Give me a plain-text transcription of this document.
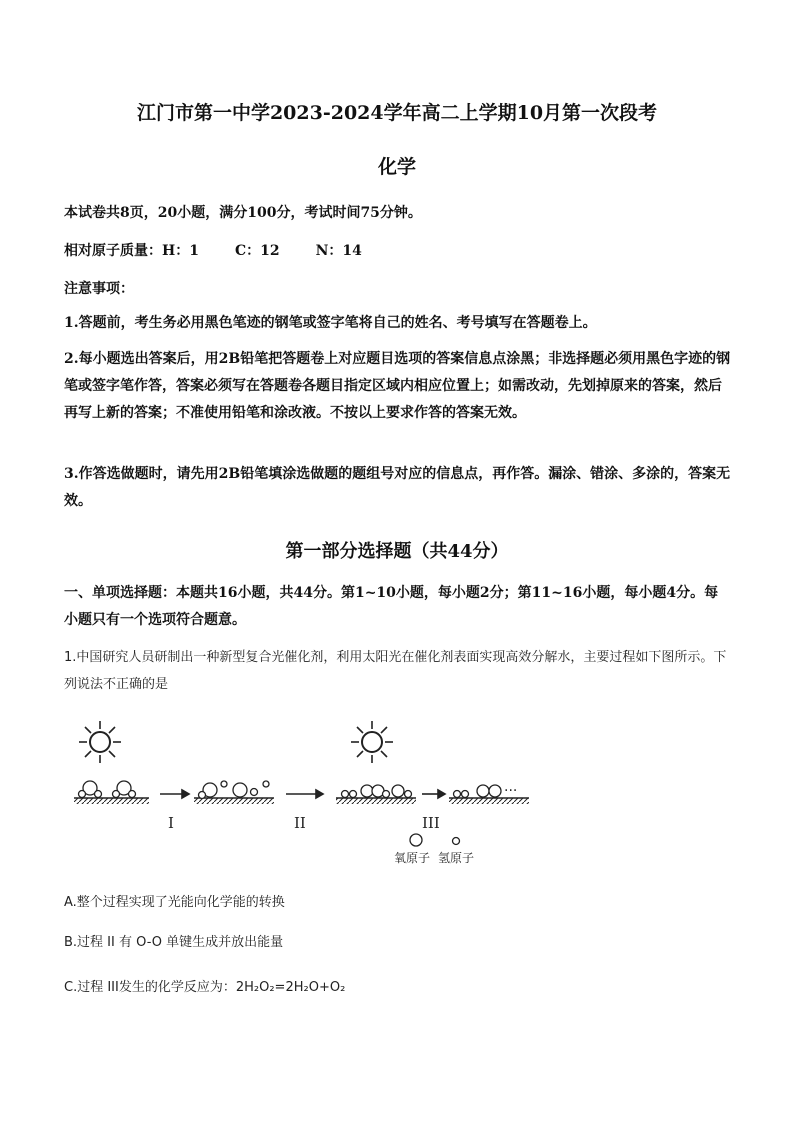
江门市第一中学2023-2024学年高二上学期10月第一次段考
化学
本试卷共8页，20小题，满分100分，考试时间75分钟。
相对原子质量：H：1	C：12	N：14
注意事项：
1.答题前，考生务必用黑色笔迹的钢笔或签字笔将自己的姓名、考号填写在答题卷上。
2.每小题选出答案后，用2B铅笔把答题卷上对应题目选项的答案信息点涂黑；非选择题必须用黑色字迹的钢笔或签字笔作答，答案必须写在答题卷各题目指定区域内相应位置上；如需改动，先划掉原来的答案，然后再写上新的答案；不准使用铅笔和涂改液。不按以上要求作答的答案无效。
3.作答选做题时，请先用2B铅笔填涂选做题的题组号对应的信息点，再作答。漏涂、错涂、多涂的，答案无效。
第一部分选择题（共44分）
一、单项选择题：本题共16小题，共44分。第1~10小题，每小题2分；第11~16小题，每小题4分。每小题只有一个选项符合题意。
1.中国研究人员研制出一种新型复合光催化剂，利用太阳光在催化剂表面实现高效分解水，主要过程如下图所示。下列说法不正确的是
···
I	II	III
氧原子 氢原子
A.整个过程实现了光能向化学能的转换
B.过程 II 有 O-O 单键生成并放出能量
C.过程 III发生的化学反应为：2H₂O₂=2H₂O+O₂
